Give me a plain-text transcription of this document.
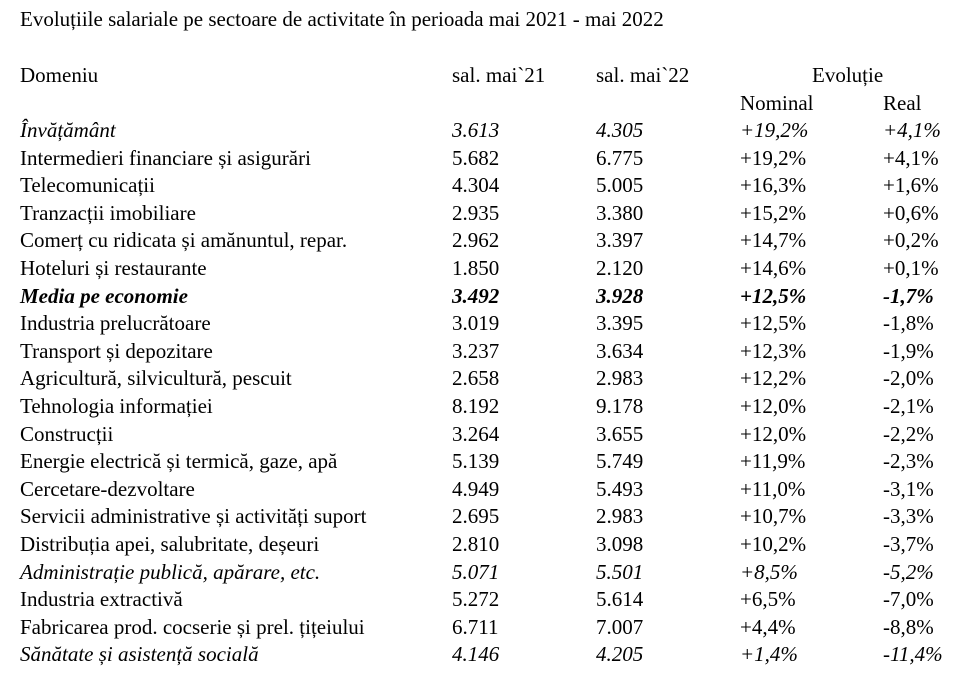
Evoluțiile salariale pe sectoare de activitate în perioada mai 2021 - mai 2022
Domeniu	sal. mai`21 sal. mai`22	Evoluție
Nominal	Real
Învățământ	3.613	4.305	+19,2%	+4,1%
Intermedieri financiare și asigurări	5.682	6.775	+19,2%	+4,1%
Telecomunicații	4.304	5.005	+16,3%	+1,6%
Tranzacții imobiliare	2.935	3.380	+15,2%	+0,6%
Comerț cu ridicata și amănuntul, repar.	2.962	3.397	+14,7%	+0,2%
Hoteluri și restaurante	1.850	2.120	+14,6%	+0,1%
Media pe economie	3.492	3.928	+12,5%	-1,7%
Industria prelucrătoare	3.019	3.395	+12,5%	-1,8%
Transport și depozitare	3.237	3.634	+12,3%	-1,9%
Agricultură, silvicultură, pescuit	2.658	2.983	+12,2%	-2,0%
Tehnologia informației	8.192	9.178	+12,0%	-2,1%
Construcții	3.264	3.655	+12,0%	-2,2%
Energie electrică și termică, gaze, apă	5.139	5.749	+11,9%	-2,3%
Cercetare-dezvoltare	4.949	5.493	+11,0%	-3,1%
Servicii administrative și activități suport	2.695	2.983	+10,7%	-3,3%
Distribuția apei, salubritate, deșeuri	2.810	3.098	+10,2%	-3,7%
Administrație publică, apărare, etc.	5.071	5.501	+8,5%	-5,2%
Industria extractivă	5.272	5.614	+6,5%	-7,0%
Fabricarea prod. cocserie și prel. țițeiului	6.711	7.007	+4,4%	-8,8%
Sănătate și asistență socială	4.146	4.205	+1,4%	-11,4%
